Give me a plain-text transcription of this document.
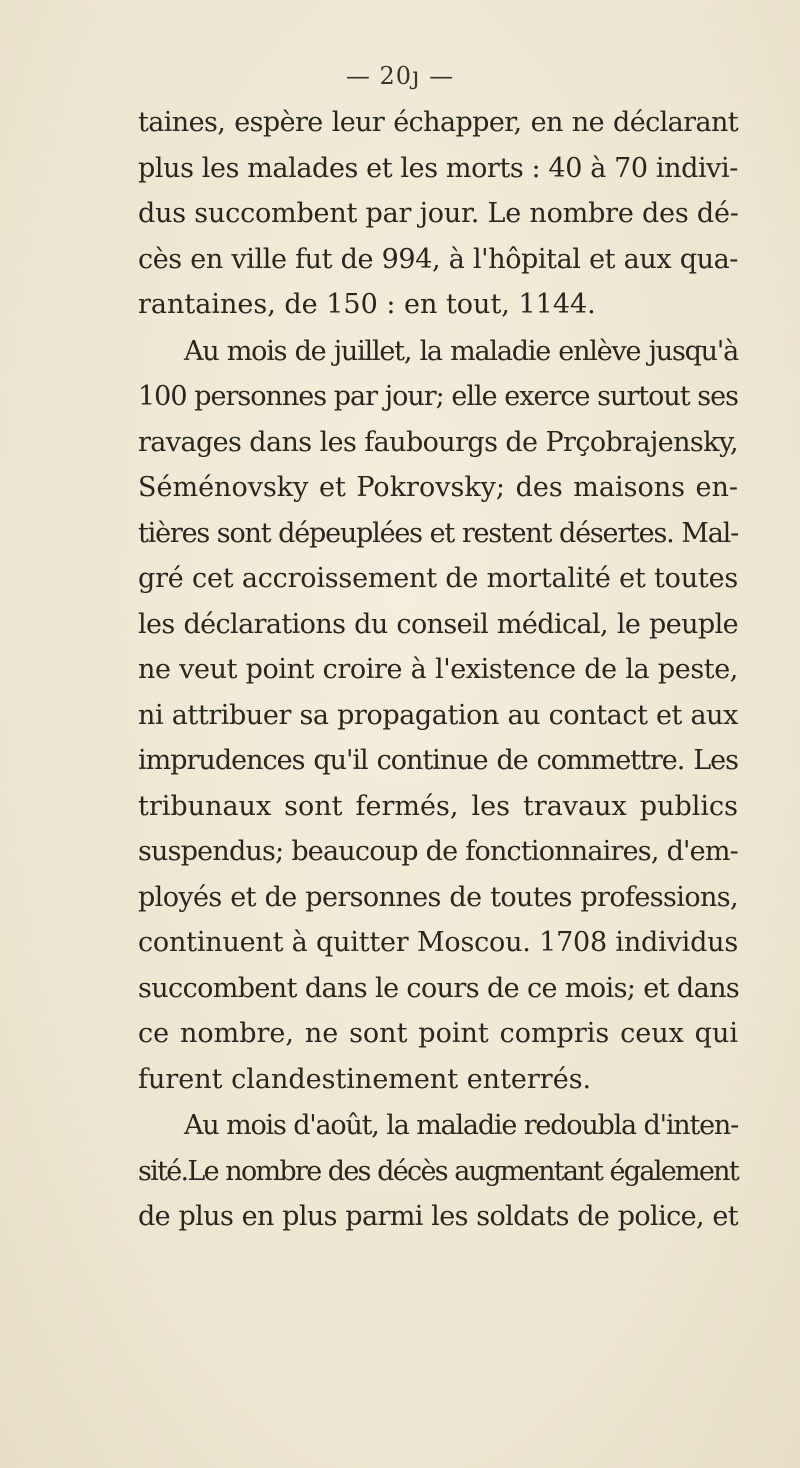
— 20ȷ —

taines, espère leur échapper, en ne déclarant
plus les malades et les morts : 40 à 70 indivi-
dus succombent par jour. Le nombre des dé-
cès en ville fut de 994, à l'hôpital et aux qua-
rantaines, de 150 : en tout, 1144.

Au mois de juillet, la maladie enlève jusqu'à
100 personnes par jour; elle exerce surtout ses
ravages dans les faubourgs de Prçobrajensky,
Séménovsky et Pokrovsky; des maisons en-
tières sont dépeuplées et restent désertes. Mal-
gré cet accroissement de mortalité et toutes
les déclarations du conseil médical, le peuple
ne veut point croire à l'existence de la peste,
ni attribuer sa propagation au contact et aux
imprudences qu'il continue de commettre. Les
tribunaux sont fermés, les travaux publics
suspendus; beaucoup de fonctionnaires, d'em-
ployés et de personnes de toutes professions,
continuent à quitter Moscou. 1708 individus
succombent dans le cours de ce mois; et dans
ce nombre, ne sont point compris ceux qui
furent clandestinement enterrés.

Au mois d'août, la maladie redoubla d'inten-
sité.Le nombre des décès augmentant également
de plus en plus parmi les soldats de police, et
